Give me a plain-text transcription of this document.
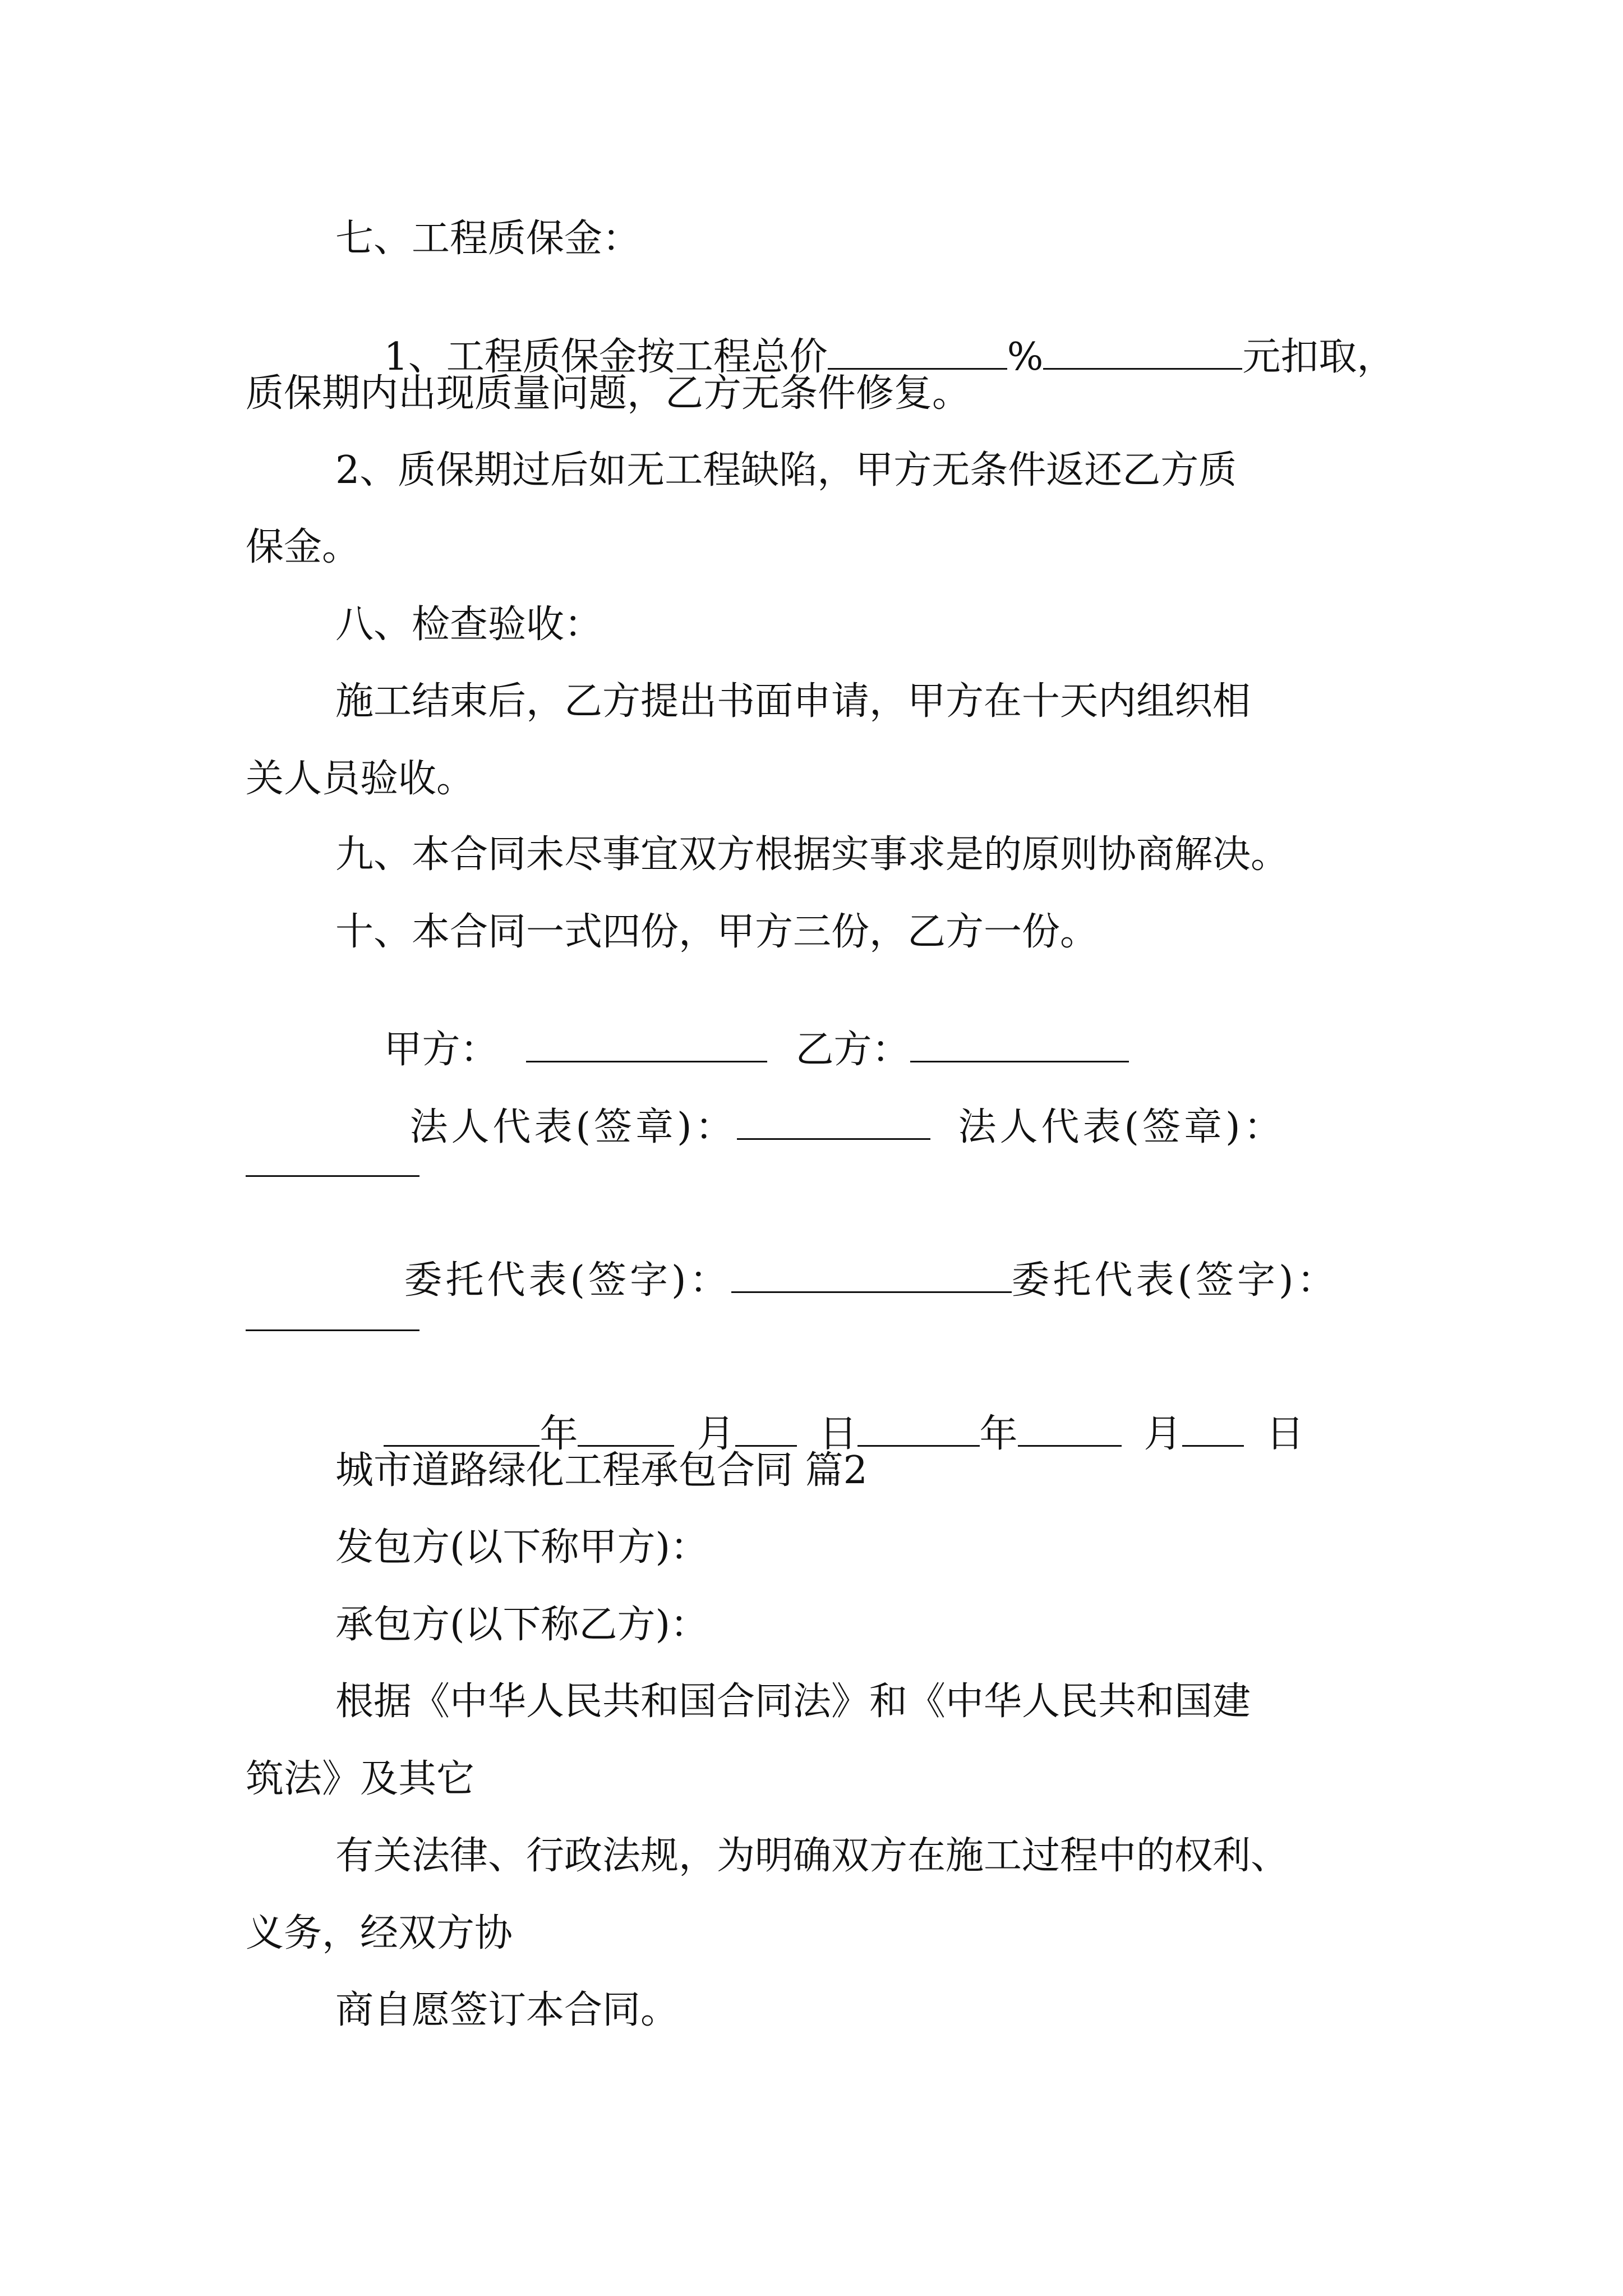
七、工程质保金：

1、工程质保金按工程总价	%	元扣取，

质保期内出现质量问题，乙方无条件修复。

2、质保期过后如无工程缺陷，甲方无条件返还乙方质

保金。

八、检查验收：

施工结束后，乙方提出书面申请，甲方在十天内组织相

关人员验收。

九、本合同未尽事宜双方根据实事求是的原则协商解决。

十、本合同一式四份，甲方三份，乙方一份。

甲方：	乙方：

法人代表(签章)：	法人代表(签章)：

委托代表(签字)：	委托代表(签字)：

年	月 日	年	月 日

城市道路绿化工程承包合同 篇2

发包方(以下称甲方)：

承包方(以下称乙方)：

根据《中华人民共和国合同法》和《中华人民共和国建

筑法》及其它

有关法律、行政法规，为明确双方在施工过程中的权利、

义务，经双方协

商自愿签订本合同。
